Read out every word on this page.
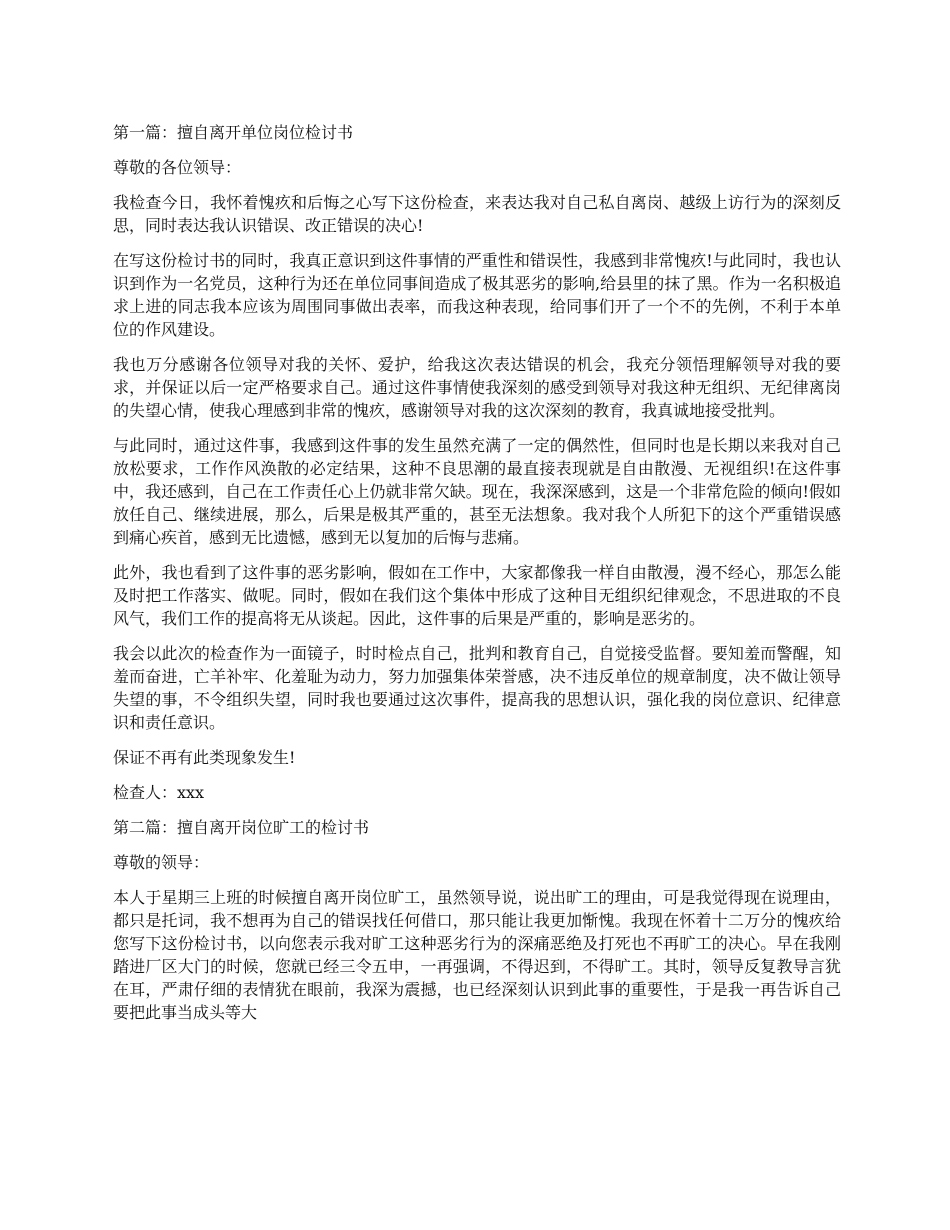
第一篇：擅自离开单位岗位检讨书

尊敬的各位领导：

我检查今日，我怀着愧疚和后悔之心写下这份检查，来表达我对自己私自离岗、越级上访行为的深刻反思，同时表达我认识错误、改正错误的决心!

在写这份检讨书的同时，我真正意识到这件事情的严重性和错误性，我感到非常愧疚!与此同时，我也认识到作为一名党员，这种行为还在单位同事间造成了极其恶劣的影响,给县里的抹了黑。作为一名积极追求上进的同志我本应该为周围同事做出表率，而我这种表现，给同事们开了一个不的先例，不利于本单位的作风建设。

我也万分感谢各位领导对我的关怀、爱护，给我这次表达错误的机会，我充分领悟理解领导对我的要求，并保证以后一定严格要求自己。通过这件事情使我深刻的感受到领导对我这种无组织、无纪律离岗的失望心情，使我心理感到非常的愧疚，感谢领导对我的这次深刻的教育，我真诚地接受批判。

与此同时，通过这件事，我感到这件事的发生虽然充满了一定的偶然性，但同时也是长期以来我对自己放松要求，工作作风涣散的必定结果，这种不良思潮的最直接表现就是自由散漫、无视组织!在这件事中，我还感到，自己在工作责任心上仍就非常欠缺。现在，我深深感到，这是一个非常危险的倾向!假如放任自己、继续进展，那么，后果是极其严重的，甚至无法想象。我对我个人所犯下的这个严重错误感到痛心疾首，感到无比遗憾，感到无以复加的后悔与悲痛。

此外，我也看到了这件事的恶劣影响，假如在工作中，大家都像我一样自由散漫，漫不经心，那怎么能及时把工作落实、做呢。同时，假如在我们这个集体中形成了这种目无组织纪律观念，不思进取的不良风气，我们工作的提高将无从谈起。因此，这件事的后果是严重的，影响是恶劣的。

我会以此次的检查作为一面镜子，时时检点自己，批判和教育自己，自觉接受监督。要知羞而警醒，知羞而奋进，亡羊补牢、化羞耻为动力，努力加强集体荣誉感，决不违反单位的规章制度，决不做让领导失望的事，不令组织失望，同时我也要通过这次事件，提高我的思想认识，强化我的岗位意识、纪律意识和责任意识。

保证不再有此类现象发生!

检查人：xxx

第二篇：擅自离开岗位旷工的检讨书

尊敬的领导：

本人于星期三上班的时候擅自离开岗位旷工，虽然领导说，说出旷工的理由，可是我觉得现在说理由，都只是托词，我不想再为自己的错误找任何借口，那只能让我更加惭愧。我现在怀着十二万分的愧疚给您写下这份检讨书，以向您表示我对旷工这种恶劣行为的深痛恶绝及打死也不再旷工的决心。早在我刚踏进厂区大门的时候，您就已经三令五申，一再强调，不得迟到，不得旷工。其时，领导反复教导言犹在耳，严肃仔细的表情犹在眼前，我深为震撼，也已经深刻认识到此事的重要性，于是我一再告诉自己要把此事当成头等大
